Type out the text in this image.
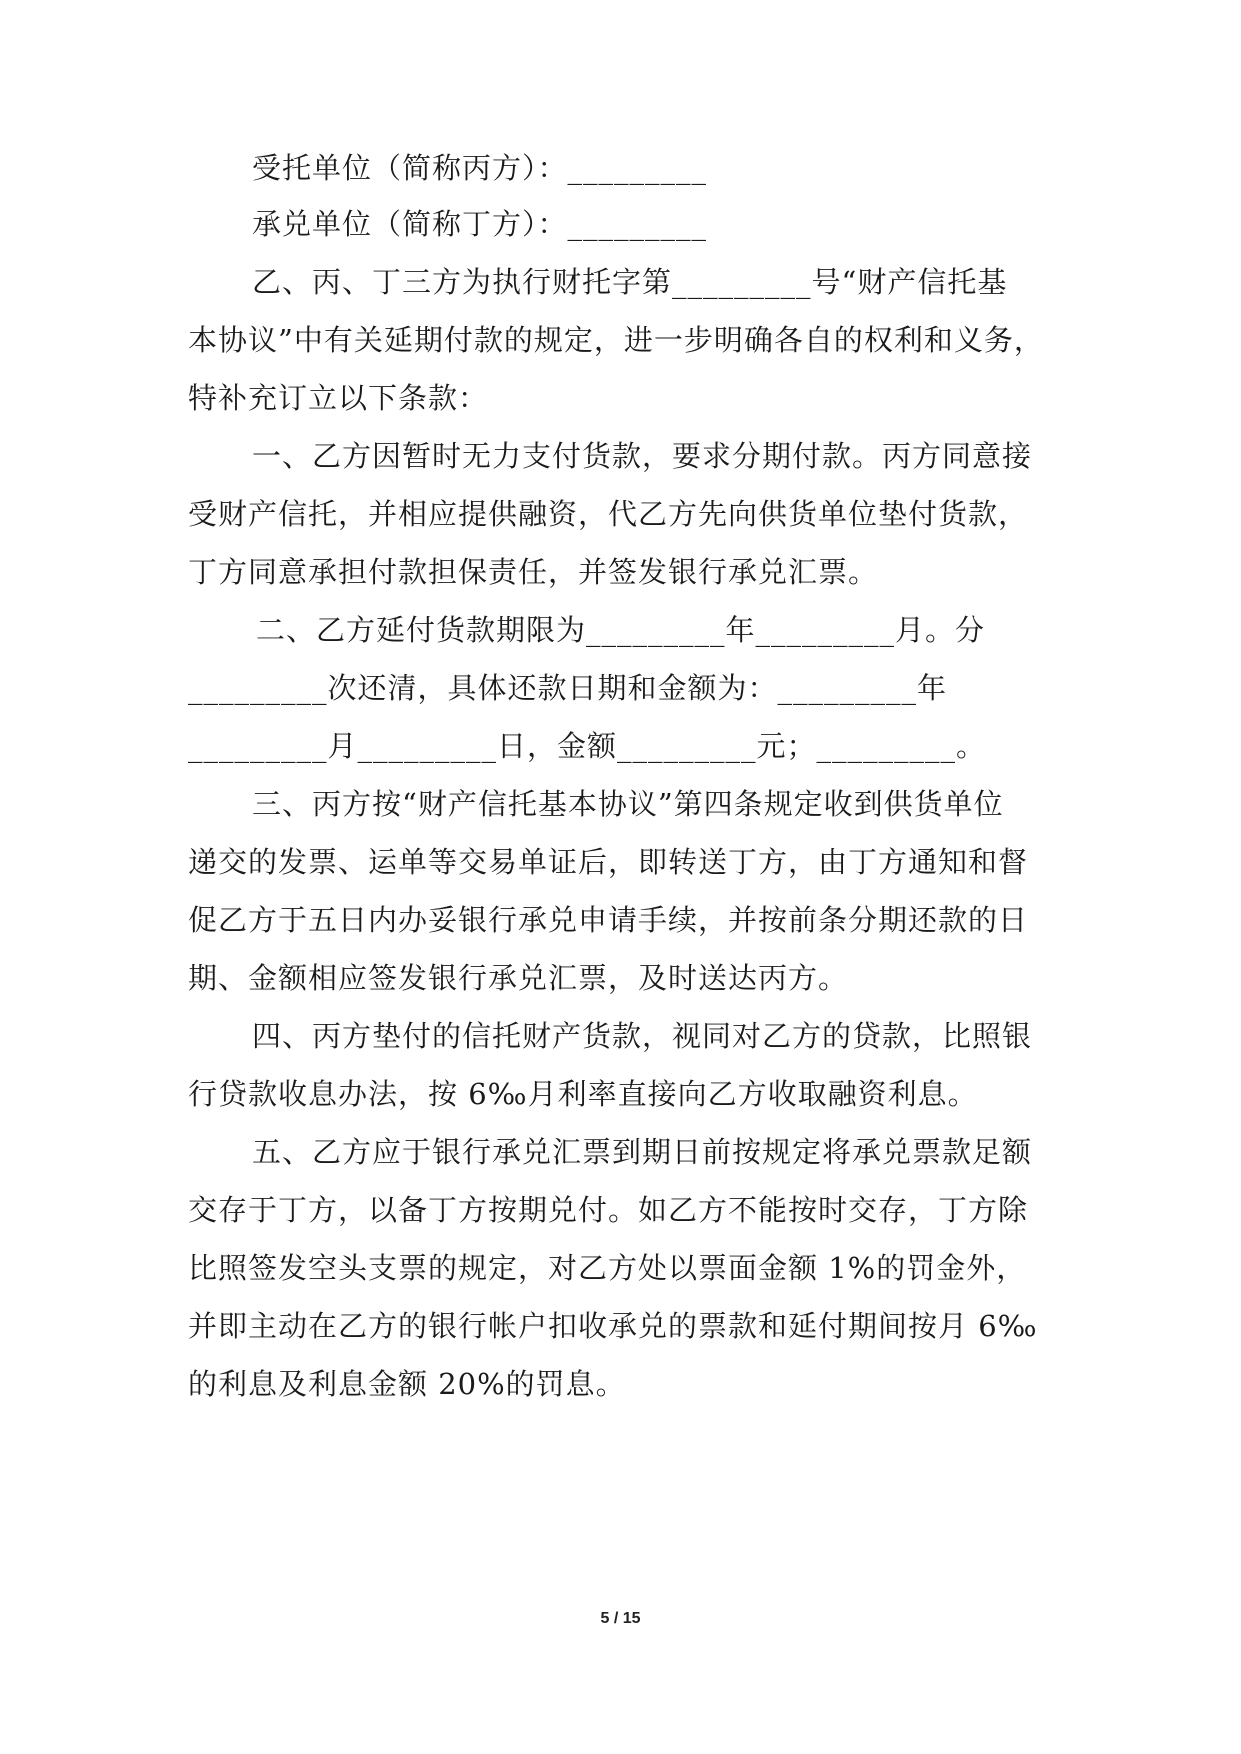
受托单位（简称丙方）：_________
承兑单位（简称丁方）：_________
乙、丙、丁三方为执行财托字第_________号“财产信托基
本协议”中有关延期付款的规定，进一步明确各自的权利和义务，
特补充订立以下条款：
一、乙方因暂时无力支付货款，要求分期付款。丙方同意接
受财产信托，并相应提供融资，代乙方先向供货单位垫付货款，
丁方同意承担付款担保责任，并签发银行承兑汇票。
二、乙方延付货款期限为_________年_________月。分
_________次还清，具体还款日期和金额为：_________年
_________月_________日，金额_________元；_________。
三、丙方按“财产信托基本协议”第四条规定收到供货单位
递交的发票、运单等交易单证后，即转送丁方，由丁方通知和督
促乙方于五日内办妥银行承兑申请手续，并按前条分期还款的日
期、金额相应签发银行承兑汇票，及时送达丙方。
四、丙方垫付的信托财产货款，视同对乙方的贷款，比照银
行贷款收息办法，按 6‰月利率直接向乙方收取融资利息。
五、乙方应于银行承兑汇票到期日前按规定将承兑票款足额
交存于丁方，以备丁方按期兑付。如乙方不能按时交存，丁方除
比照签发空头支票的规定，对乙方处以票面金额 1%的罚金外，
并即主动在乙方的银行帐户扣收承兑的票款和延付期间按月 6‰
的利息及利息金额 20%的罚息。
5 / 15
